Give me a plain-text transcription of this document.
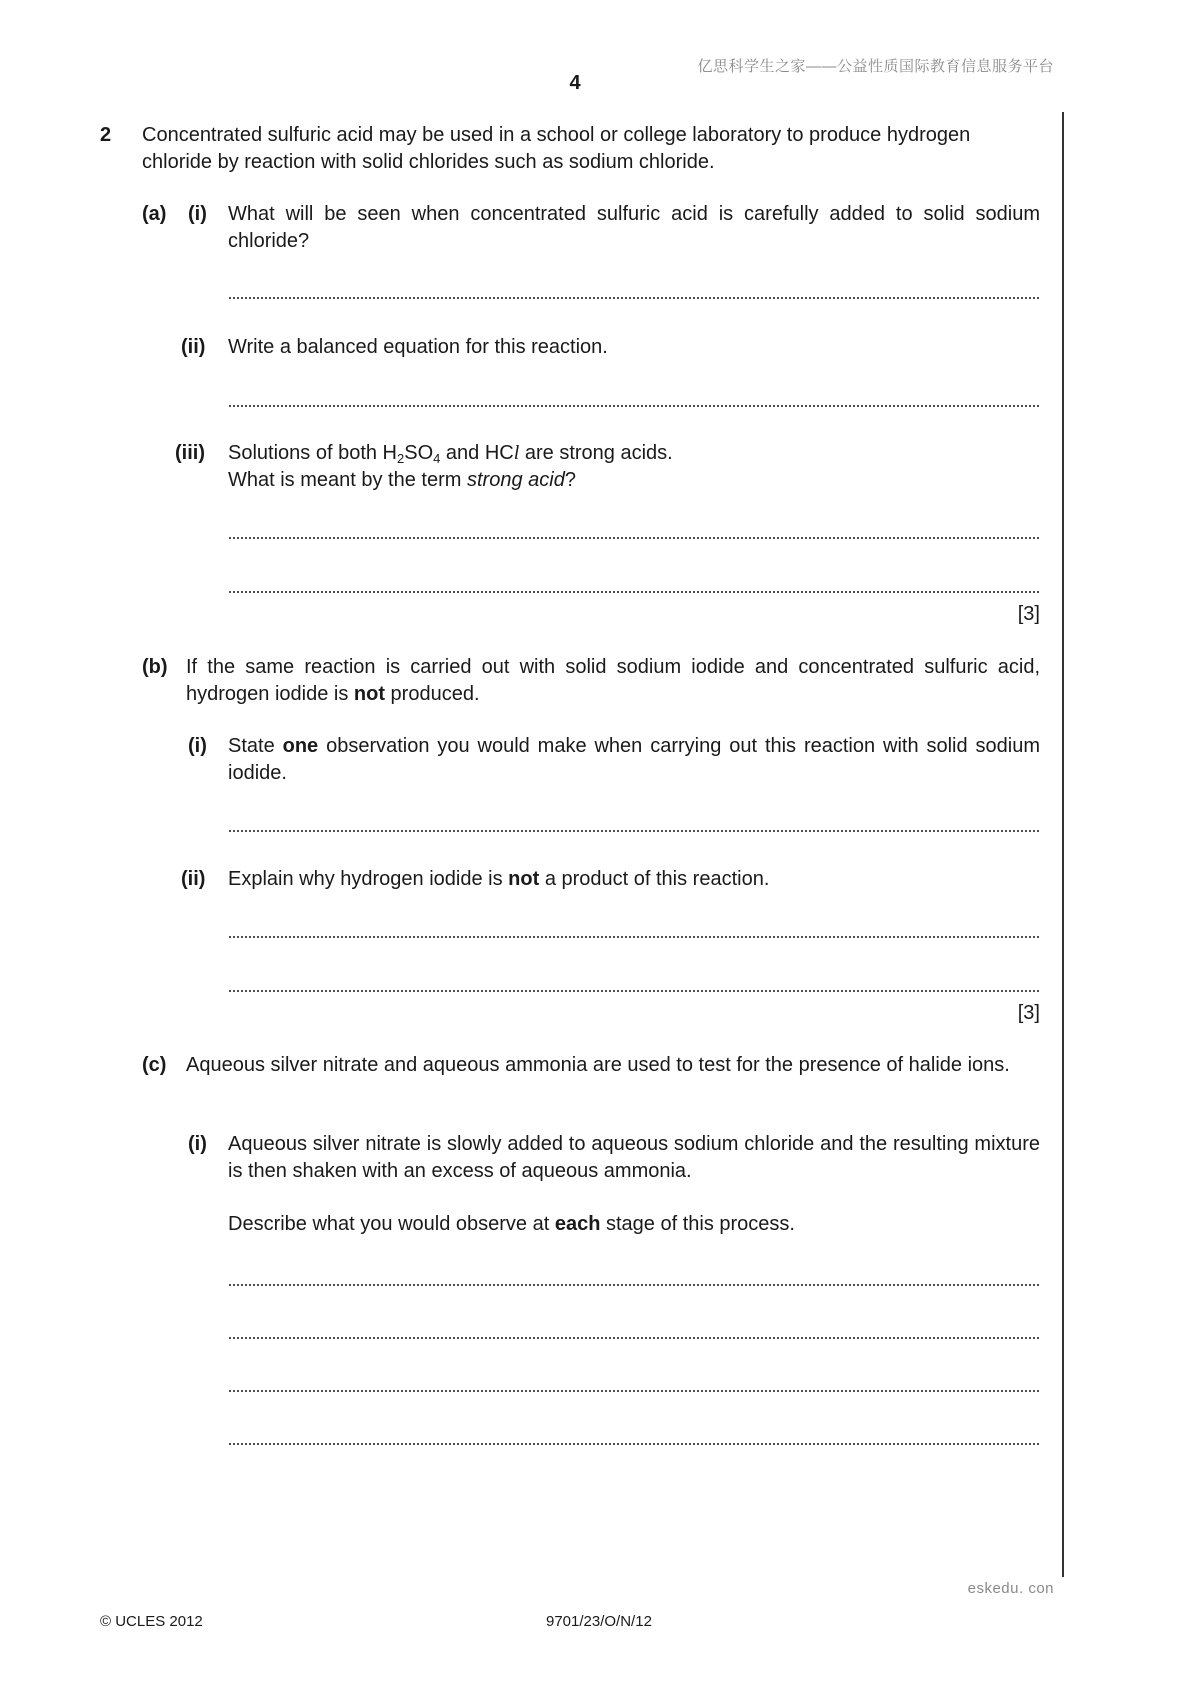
亿思科学生之家——公益性质国际教育信息服务平台
4
2 Concentrated sulfuric acid may be used in a school or college laboratory to produce hydrogen chloride by reaction with solid chlorides such as sodium chloride.
(a) (i) What will be seen when concentrated sulfuric acid is carefully added to solid sodium chloride?
(ii) Write a balanced equation for this reaction.
(iii) Solutions of both $H_2SO_4$ and HCl are strong acids.
What is meant by the term strong acid?
[3]
(b) If the same reaction is carried out with solid sodium iodide and concentrated sulfuric acid, hydrogen iodide is not produced.
(i) State one observation you would make when carrying out this reaction with solid sodium iodide.
(ii) Explain why hydrogen iodide is not a product of this reaction.
[3]
(c) Aqueous silver nitrate and aqueous ammonia are used to test for the presence of halide ions.
(i) Aqueous silver nitrate is slowly added to aqueous sodium chloride and the resulting mixture is then shaken with an excess of aqueous ammonia.
Describe what you would observe at each stage of this process.
eskedu. con
© UCLES 2012	9701/23/O/N/12
